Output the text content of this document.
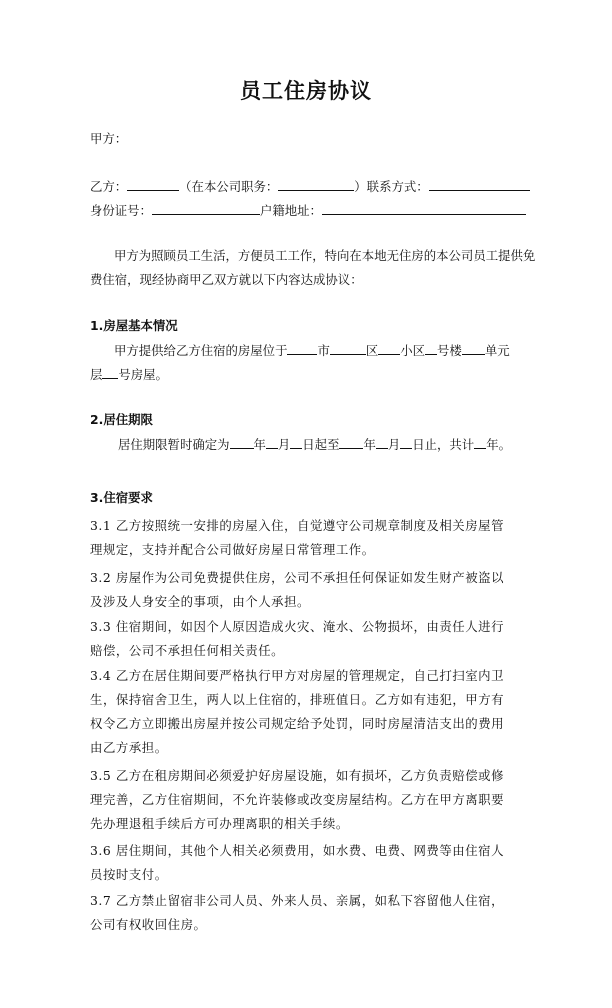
员工住房协议
甲方：
乙方：	（在本公司职务：	）联系方式：
身份证号：	户籍地址：
甲方为照顾员工生活，方便员工工作，特向在本地无住房的本公司员工提供免
费住宿，现经协商甲乙双方就以下内容达成协议：
1.房屋基本情况
甲方提供给乙方住宿的房屋位于 市	区 小区 号楼 单元
层 号房屋。
2.居住期限
居住期限暂时确定为 年 月 日起至 年 月 日止，共计 年。
3.住宿要求
3.1 乙方按照统一安排的房屋入住，自觉遵守公司规章制度及相关房屋管
理规定，支持并配合公司做好房屋日常管理工作。
3.2 房屋作为公司免费提供住房，公司不承担任何保证如发生财产被盗以
及涉及人身安全的事项，由个人承担。
3.3 住宿期间，如因个人原因造成火灾、淹水、公物损坏，由责任人进行
赔偿，公司不承担任何相关责任。
3.4 乙方在居住期间要严格执行甲方对房屋的管理规定，自己打扫室内卫
生，保持宿舍卫生，两人以上住宿的，排班值日。乙方如有违犯，甲方有
权令乙方立即搬出房屋并按公司规定给予处罚，同时房屋清洁支出的费用
由乙方承担。
3.5 乙方在租房期间必须爱护好房屋设施，如有损坏，乙方负责赔偿或修
理完善，乙方住宿期间，不允许装修或改变房屋结构。乙方在甲方离职要
先办理退租手续后方可办理离职的相关手续。
3.6 居住期间，其他个人相关必须费用，如水费、电费、网费等由住宿人
员按时支付。
3.7 乙方禁止留宿非公司人员、外来人员、亲属，如私下容留他人住宿，
公司有权收回住房。
